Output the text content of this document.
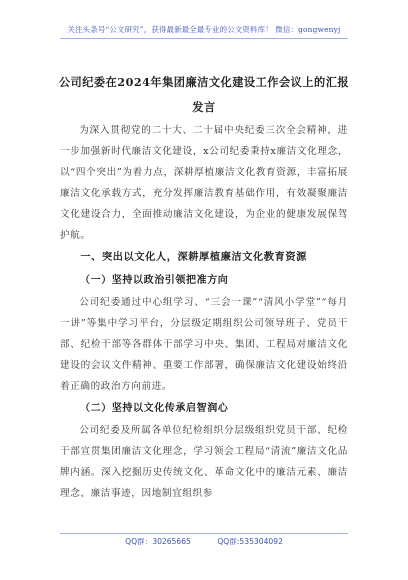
关注头条号“公文研究”，获得最新最全最专业的公文资料库！ 微信：gongwenyj
公司纪委在2024年集团廉洁文化建设工作会议上的汇报发言

为深入贯彻党的二十大、二十届中央纪委三次全会精神，进一步加强新时代廉洁文化建设，x公司纪委秉持x廉洁文化理念，以“四个突出”为着力点，深耕厚植廉洁文化教育资源，丰富拓展廉洁文化承载方式，充分发挥廉洁教育基础作用，有效凝聚廉洁文化建设合力，全面推动廉洁文化建设，为企业的健康发展保驾护航。

一、突出以文化人，深耕厚植廉洁文化教育资源
（一）坚持以政治引领把准方向

公司纪委通过中心组学习、“三会一课”“清风小学堂”“每月一讲”等集中学习平台，分层级定期组织公司领导班子、党员干部、纪检干部等各群体干部学习中央、集团、工程局对廉洁文化建设的会议文件精神、重要工作部署，确保廉洁文化建设始终沿着正确的政治方向前进。

（二）坚持以文化传承启智润心

公司纪委及所属各单位纪检组织分层级组织党员干部、纪检干部宣贯集团廉洁文化理念，学习领会工程局“清流”廉洁文化品牌内涵。深入挖掘历史传统文化、革命文化中的廉洁元素、廉洁理念、廉洁事迹，因地制宜组织参

QQ群：30265665	QQ群:535304092
